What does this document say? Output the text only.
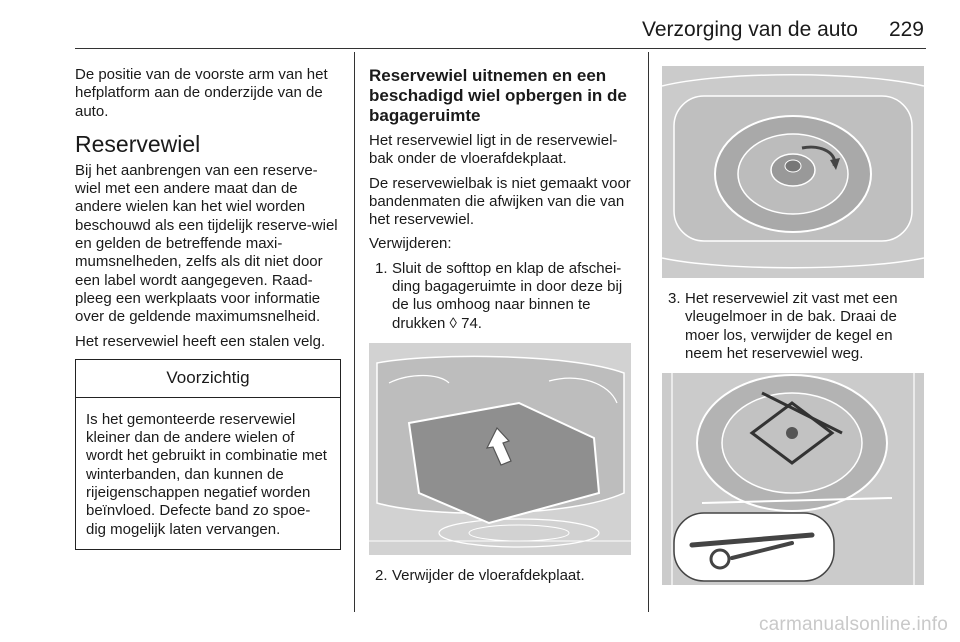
Verzorging van de auto 229

De positie van de voorste arm van het hefplatform aan de onderzijde van de auto.

Reservewiel

Bij het aanbrengen van een reserve-wiel met een andere maat dan de andere wielen kan het wiel worden beschouwd als een tijdelijk reserve-wiel en gelden de betreffende maxi-mumsnelheden, zelfs als dit niet door een label wordt aangegeven. Raad-pleeg een werkplaats voor informatie over de geldende maximumsnelheid.

Het reservewiel heeft een stalen velg.

Voorzichtig
Is het gemonteerde reservewiel kleiner dan de andere wielen of wordt het gebruikt in combinatie met winterbanden, dan kunnen de rijeigenschappen negatief worden beïnvloed. Defecte band zo spoe-dig mogelijk laten vervangen.
Reservewiel uitnemen en een beschadigd wiel opbergen in de bagageruimte

Het reservewiel ligt in de reservewiel-bak onder de vloerafdekplaat.

De reservewielbak is niet gemaakt voor bandenmaten die afwijken van die van het reservewiel.

Verwijderen:

1. Sluit de softtop en klap de afschei-ding bagageruimte in door deze bij de lus omhoog naar binnen te drukken ◊ 74.
2. Verwijder de vloerafdekplaat.
3. Het reservewiel zit vast met een vleugelmoer in de bak. Draai de moer los, verwijder de kegel en neem het reservewiel weg.
carmanualsonline.info
